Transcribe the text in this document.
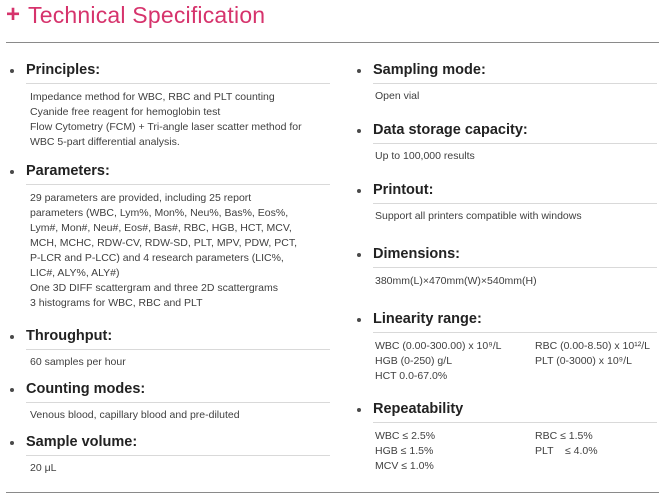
+ Technical Specification
Principles:
Impedance method for WBC, RBC and PLT counting
Cyanide free reagent for hemoglobin test
Flow Cytometry (FCM) + Tri-angle laser scatter method for
WBC 5-part differential analysis.
Parameters:
29 parameters are provided, including 25 report
parameters (WBC, Lym%, Mon%, Neu%, Bas%, Eos%,
Lym#, Mon#, Neu#, Eos#, Bas#, RBC, HGB, HCT, MCV,
MCH, MCHC, RDW-CV, RDW-SD, PLT, MPV, PDW, PCT,
P-LCR and P-LCC) and 4 research parameters (LIC%,
LIC#, ALY%, ALY#)
One 3D DIFF scattergram and three 2D scattergrams
3 histograms for WBC, RBC and PLT
Throughput:
60 samples per hour
Counting modes:
Venous blood, capillary blood and pre-diluted
Sample volume:
20 μL
Sampling mode:
Open vial
Data storage capacity:
Up to 100,000 results
Printout:
Support all printers compatible with windows
Dimensions:
380mm(L)×470mm(W)×540mm(H)
Linearity range:
WBC (0.00-300.00) x 10⁹/L	RBC (0.00-8.50) x 10¹²/L
HGB (0-250) g/L	PLT (0-3000) x 10⁹/L
HCT 0.0-67.0%
Repeatability
WBC ≤ 2.5%	RBC ≤ 1.5%
HGB ≤ 1.5%	PLT    ≤ 4.0%
MCV ≤ 1.0%
